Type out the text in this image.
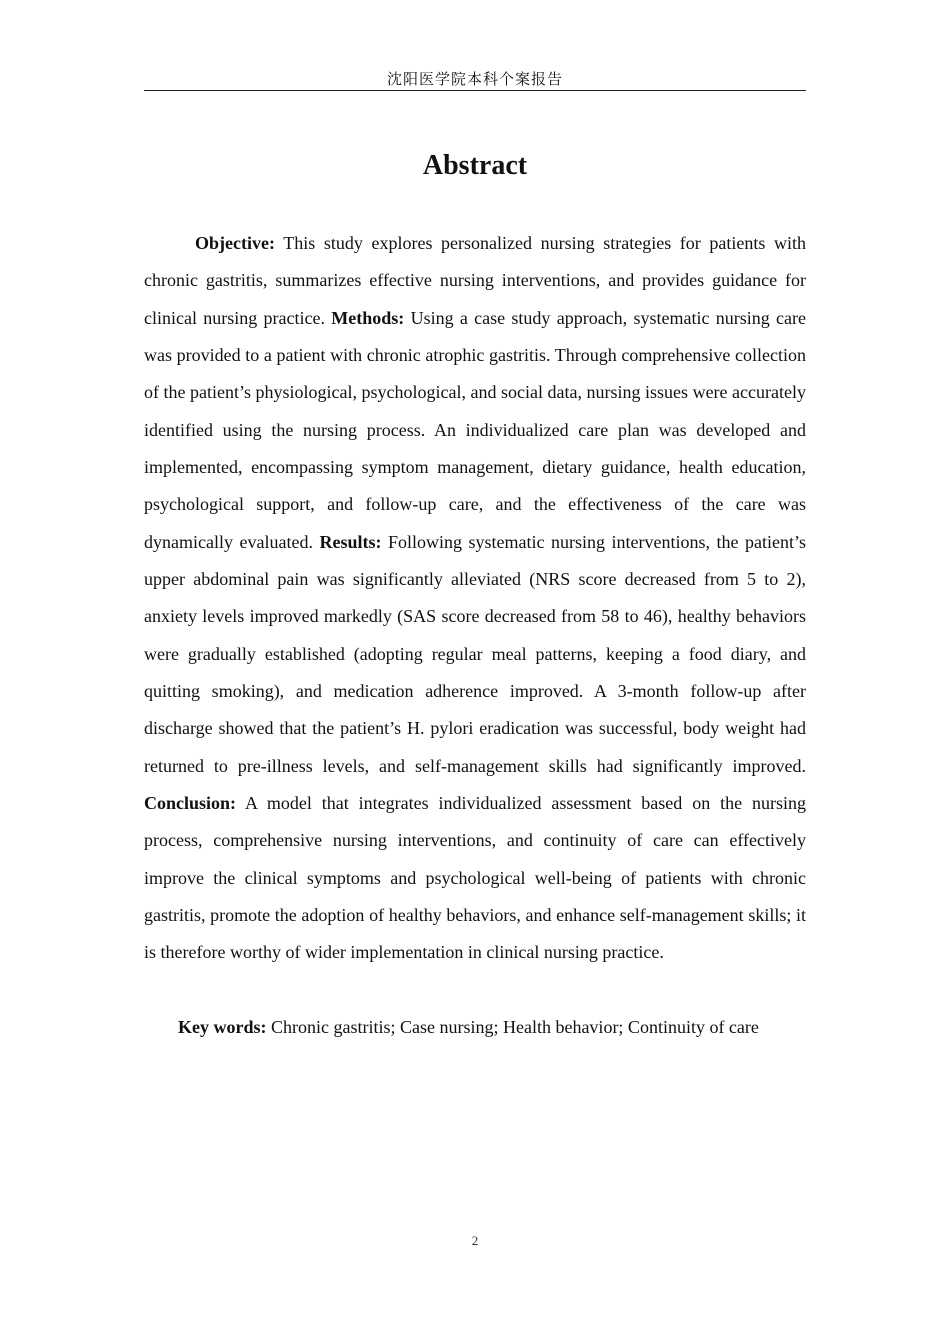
沈阳医学院本科个案报告
Abstract

Objective: This study explores personalized nursing strategies for patients with chronic gastritis, summarizes effective nursing interventions, and provides guidance for clinical nursing practice. Methods: Using a case study approach, systematic nursing care was provided to a patient with chronic atrophic gastritis. Through comprehensive collection of the patient’s physiological, psychological, and social data, nursing issues were accurately identified using the nursing process. An individualized care plan was developed and implemented, encompassing symptom management, dietary guidance, health education, psychological support, and follow-up care, and the effectiveness of the care was dynamically evaluated. Results: Following systematic nursing interventions, the patient’s upper abdominal pain was significantly alleviated (NRS score decreased from 5 to 2), anxiety levels improved markedly (SAS score decreased from 58 to 46), healthy behaviors were gradually established (adopting regular meal patterns, keeping a food diary, and quitting smoking), and medication adherence improved. A 3-month follow-up after discharge showed that the patient’s H. pylori eradication was successful, body weight had returned to pre-illness levels, and self-management skills had significantly improved. Conclusion: A model that integrates individualized assessment based on the nursing process, comprehensive nursing interventions, and continuity of care can effectively improve the clinical symptoms and psychological well-being of patients with chronic gastritis, promote the adoption of healthy behaviors, and enhance self-management skills; it is therefore worthy of wider implementation in clinical nursing practice.

Key words: Chronic gastritis; Case nursing; Health behavior; Continuity of care

2
